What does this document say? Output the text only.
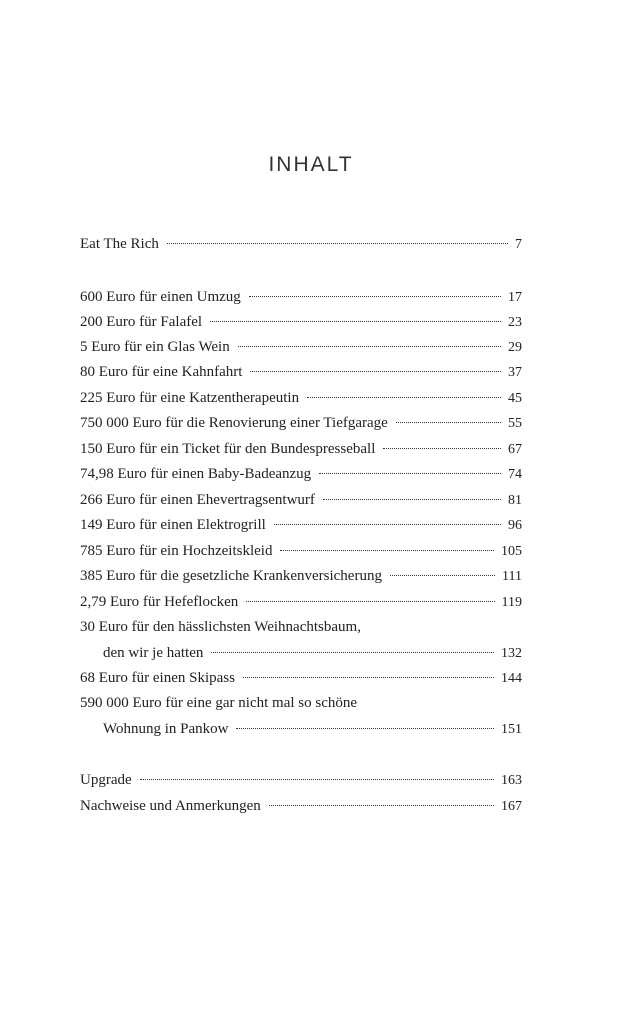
INHALT
Eat The Rich	7
600 Euro für einen Umzug	17
200 Euro für Falafel	23
5 Euro für ein Glas Wein	29
80 Euro für eine Kahnfahrt	37
225 Euro für eine Katzentherapeutin	45
750 000 Euro für die Renovierung einer Tiefgarage	55
150 Euro für ein Ticket für den Bundespresseball	67
74,98 Euro für einen Baby-Badeanzug	74
266 Euro für einen Ehevertragsentwurf	81
149 Euro für einen Elektrogrill	96
785 Euro für ein Hochzeitskleid	105
385 Euro für die gesetzliche Krankenversicherung	111
2,79 Euro für Hefeflocken	119
30 Euro für den hässlichsten Weihnachtsbaum,
den wir je hatten	132
68 Euro für einen Skipass	144
590 000 Euro für eine gar nicht mal so schöne
Wohnung in Pankow	151
Upgrade	163
Nachweise und Anmerkungen	167
